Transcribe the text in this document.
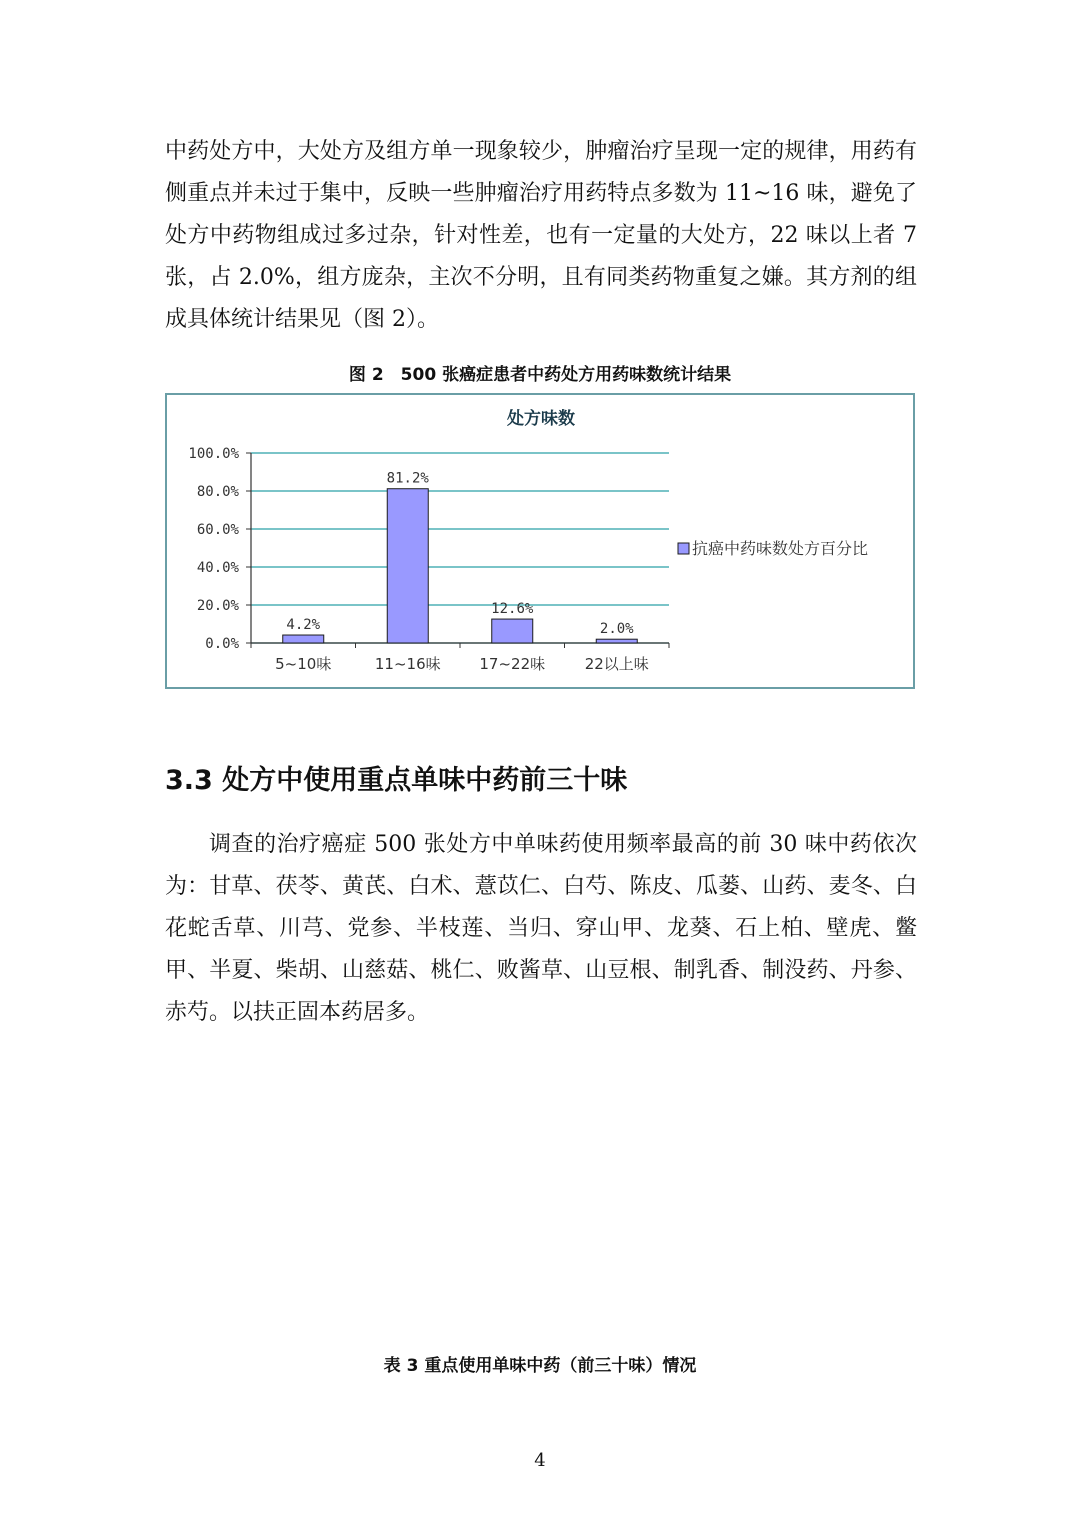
中药处方中，大处方及组方单一现象较少，肿瘤治疗呈现一定的规律，用药有侧重点并未过于集中，反映一些肿瘤治疗用药特点多数为 11~16 味，避免了处方中药物组成过多过杂，针对性差，也有一定量的大处方，22 味以上者 7 张，占 2.0%，组方庞杂，主次不分明，且有同类药物重复之嫌。其方剂的组成具体统计结果见（图 2）。

图 2　500 张癌症患者中药处方用药味数统计结果
处方味数
0.0%
20.0%
40.0%
60.0%
80.0%
100.0%
4.2%
81.2%
12.6%
2.0%
5~10味	11~16味	17~22味	22以上味
抗癌中药味数处方百分比
3.3 处方中使用重点单味中药前三十味

调查的治疗癌症 500 张处方中单味药使用频率最高的前 30 味中药依次为：甘草、茯苓、黄芪、白术、薏苡仁、白芍、陈皮、瓜蒌、山药、麦冬、白花蛇舌草、川芎、党参、半枝莲、当归、穿山甲、龙葵、石上柏、壁虎、鳖甲、半夏、柴胡、山慈菇、桃仁、败酱草、山豆根、制乳香、制没药、丹参、赤芍。以扶正固本药居多。

表 3 重点使用单味中药（前三十味）情况
4
